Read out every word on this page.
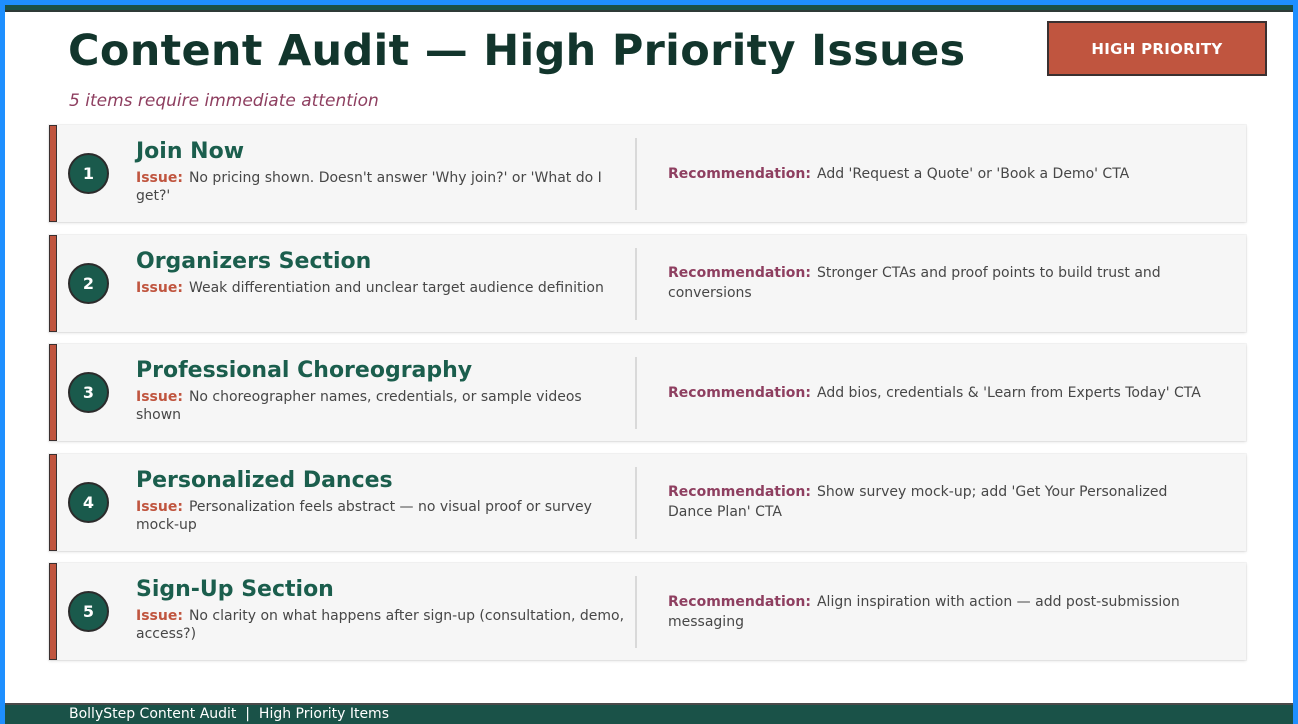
Content Audit — High Priority Issues
5 items require immediate attention
HIGH PRIORITY
1
Join Now
Issue: No pricing shown. Doesn't answer 'Why join?' or 'What do I get?'
Recommendation: Add 'Request a Quote' or 'Book a Demo' CTA
2
Organizers Section
Issue: Weak differentiation and unclear target audience definition
Recommendation: Stronger CTAs and proof points to build trust and conversions
3
Professional Choreography
Issue: No choreographer names, credentials, or sample videos shown
Recommendation: Add bios, credentials & 'Learn from Experts Today' CTA
4
Personalized Dances
Issue: Personalization feels abstract — no visual proof or survey mock-up
Recommendation: Show survey mock-up; add 'Get Your Personalized Dance Plan' CTA
5
Sign-Up Section
Issue: No clarity on what happens after sign-up (consultation, demo, access?)
Recommendation: Align inspiration with action — add post-submission messaging
BollyStep Content Audit  |  High Priority Items
